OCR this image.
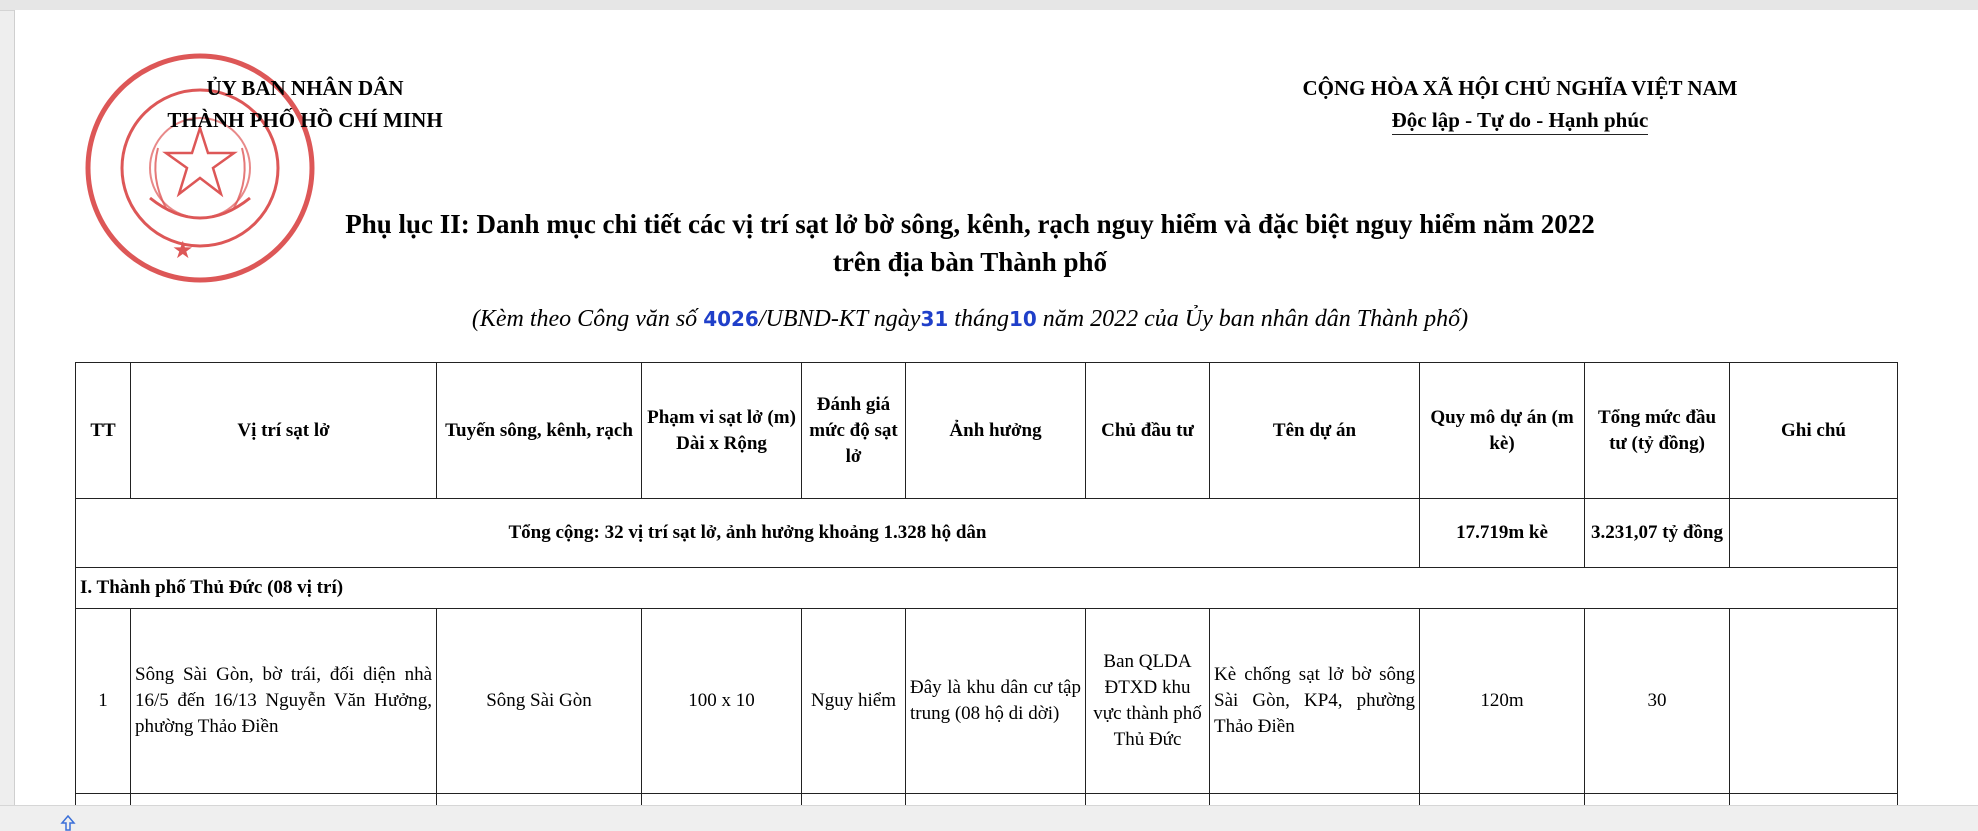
★
ỦY BAN NHÂN DÂN
THÀNH PHỐ HỒ CHÍ MINH
CỘNG HÒA XÃ HỘI CHỦ NGHĨA VIỆT NAM
Độc lập - Tự do - Hạnh phúc
Phụ lục II: Danh mục chi tiết các vị trí sạt lở bờ sông, kênh, rạch nguy hiểm và đặc biệt nguy hiểm năm 2022
trên địa bàn Thành phố
(Kèm theo Công văn số 4026/UBND-KT ngày31 tháng10 năm 2022 của Ủy ban nhân dân Thành phố)
TT	Vị trí sạt lở	Tuyến sông, kênh, rạch	Phạm vi sạt lở (m) Dài x Rộng	Đánh giá mức độ sạt lở	Ảnh hưởng	Chủ đầu tư	Tên dự án	Quy mô dự án (m kè)	Tổng mức đầu tư (tỷ đồng)	Ghi chú
Tổng cộng: 32 vị trí sạt lở, ảnh hưởng khoảng 1.328 hộ dân								17.719m kè	3.231,07 tỷ đồng	
I. Thành phố Thủ Đức (08 vị trí)										
1	Sông Sài Gòn, bờ trái, đối diện nhà 16/5 đến 16/13 Nguyễn Văn Hưởng, phường Thảo Điền	Sông Sài Gòn	100 x 10	Nguy hiểm	Đây là khu dân cư tập trung (08 hộ di dời)	Ban QLDA ĐTXD khu vực thành phố Thủ Đức	Kè chống sạt lở bờ sông Sài Gòn, KP4, phường Thảo Điền	120m	30	
